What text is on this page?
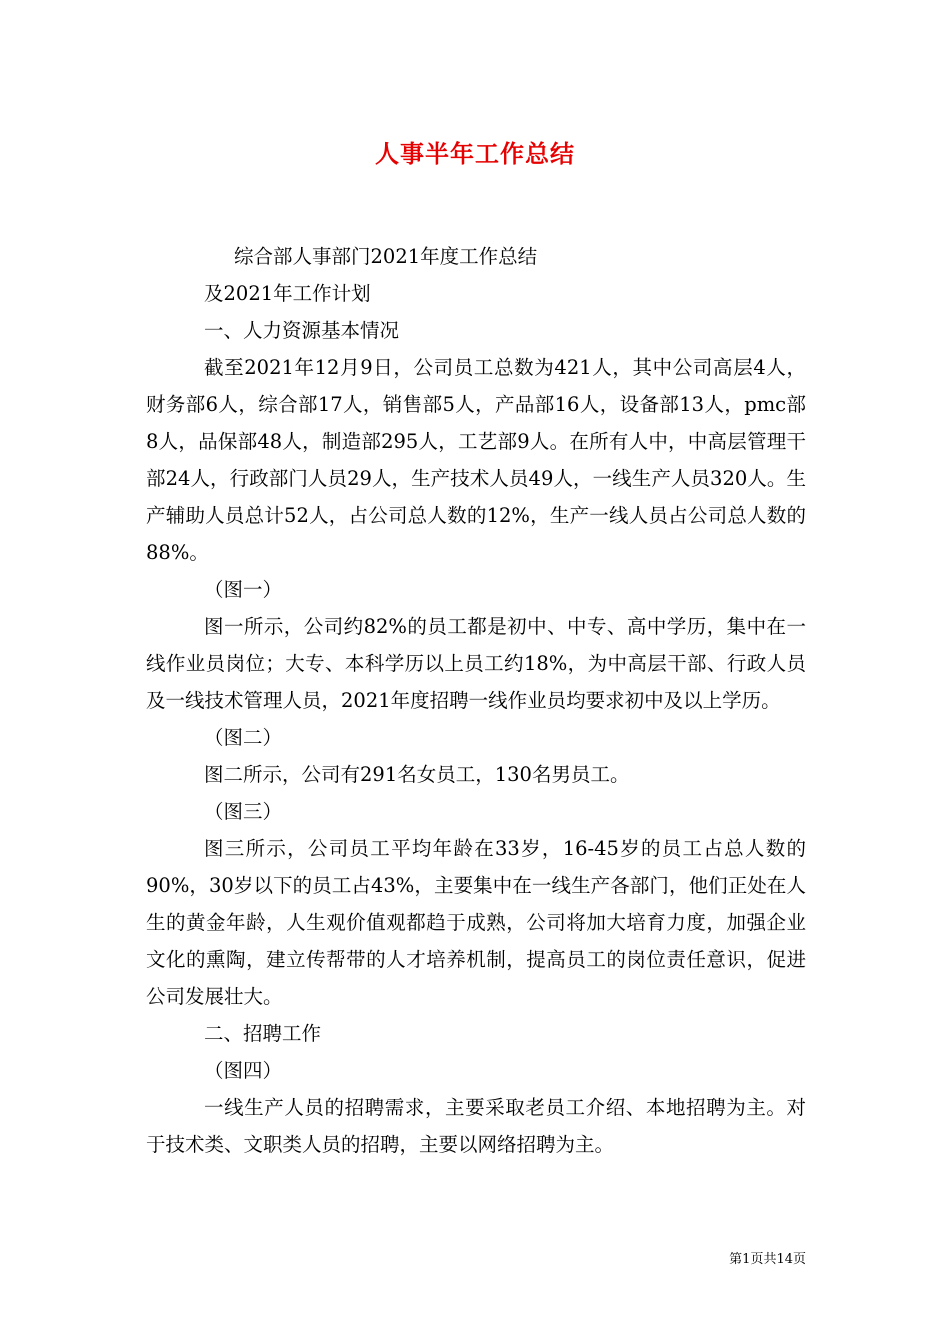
人事半年工作总结

综合部人事部门2021年度工作总结

及2021年工作计划

一、人力资源基本情况

截至2021年12月9日，公司员工总数为421人，其中公司高层4人，财务部6人，综合部17人，销售部5人，产品部16人，设备部13人，pmc部8人，品保部48人，制造部295人，工艺部9人。在所有人中，中高层管理干部24人，行政部门人员29人，生产技术人员49人，一线生产人员320人。生产辅助人员总计52人，占公司总人数的12%，生产一线人员占公司总人数的88%。

（图一）

图一所示，公司约82%的员工都是初中、中专、高中学历，集中在一线作业员岗位；大专、本科学历以上员工约18%，为中高层干部、行政人员及一线技术管理人员，2021年度招聘一线作业员均要求初中及以上学历。

（图二）

图二所示，公司有291名女员工，130名男员工。

（图三）

图三所示，公司员工平均年龄在33岁，16-45岁的员工占总人数的90%，30岁以下的员工占43%，主要集中在一线生产各部门，他们正处在人生的黄金年龄，人生观价值观都趋于成熟，公司将加大培育力度，加强企业文化的熏陶，建立传帮带的人才培养机制，提高员工的岗位责任意识，促进公司发展壮大。

二、招聘工作

（图四）

一线生产人员的招聘需求，主要采取老员工介绍、本地招聘为主。对于技术类、文职类人员的招聘，主要以网络招聘为主。

第1页共14页
